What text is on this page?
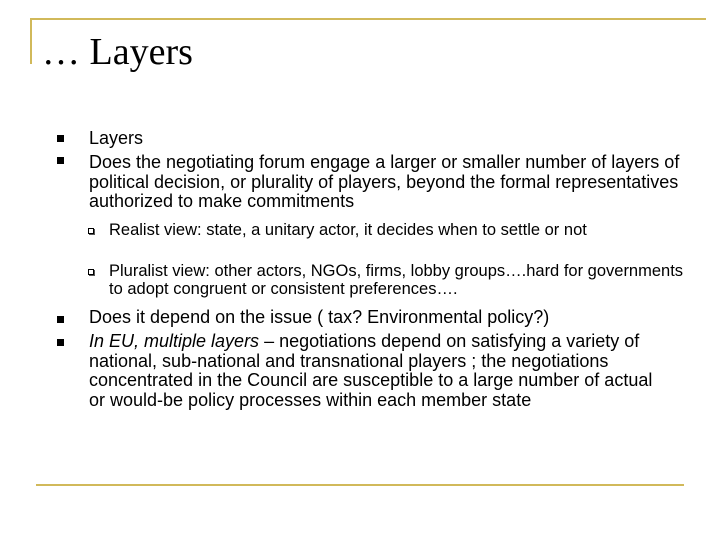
… Layers
Layers
Does the negotiating forum engage a larger or smaller number of layers of political decision, or plurality of players, beyond the formal representatives authorized to make commitments
Realist view: state, a unitary actor, it decides when to settle or not
Pluralist view: other actors, NGOs, firms, lobby groups….hard for governments to adopt congruent or consistent preferences….
Does it depend on the issue ( tax? Environmental policy?)
In EU, multiple layers – negotiations depend on satisfying a variety of national, sub-national and transnational players ; the negotiations concentrated in the Council are susceptible to a large number of actual or would-be policy processes within each member state
